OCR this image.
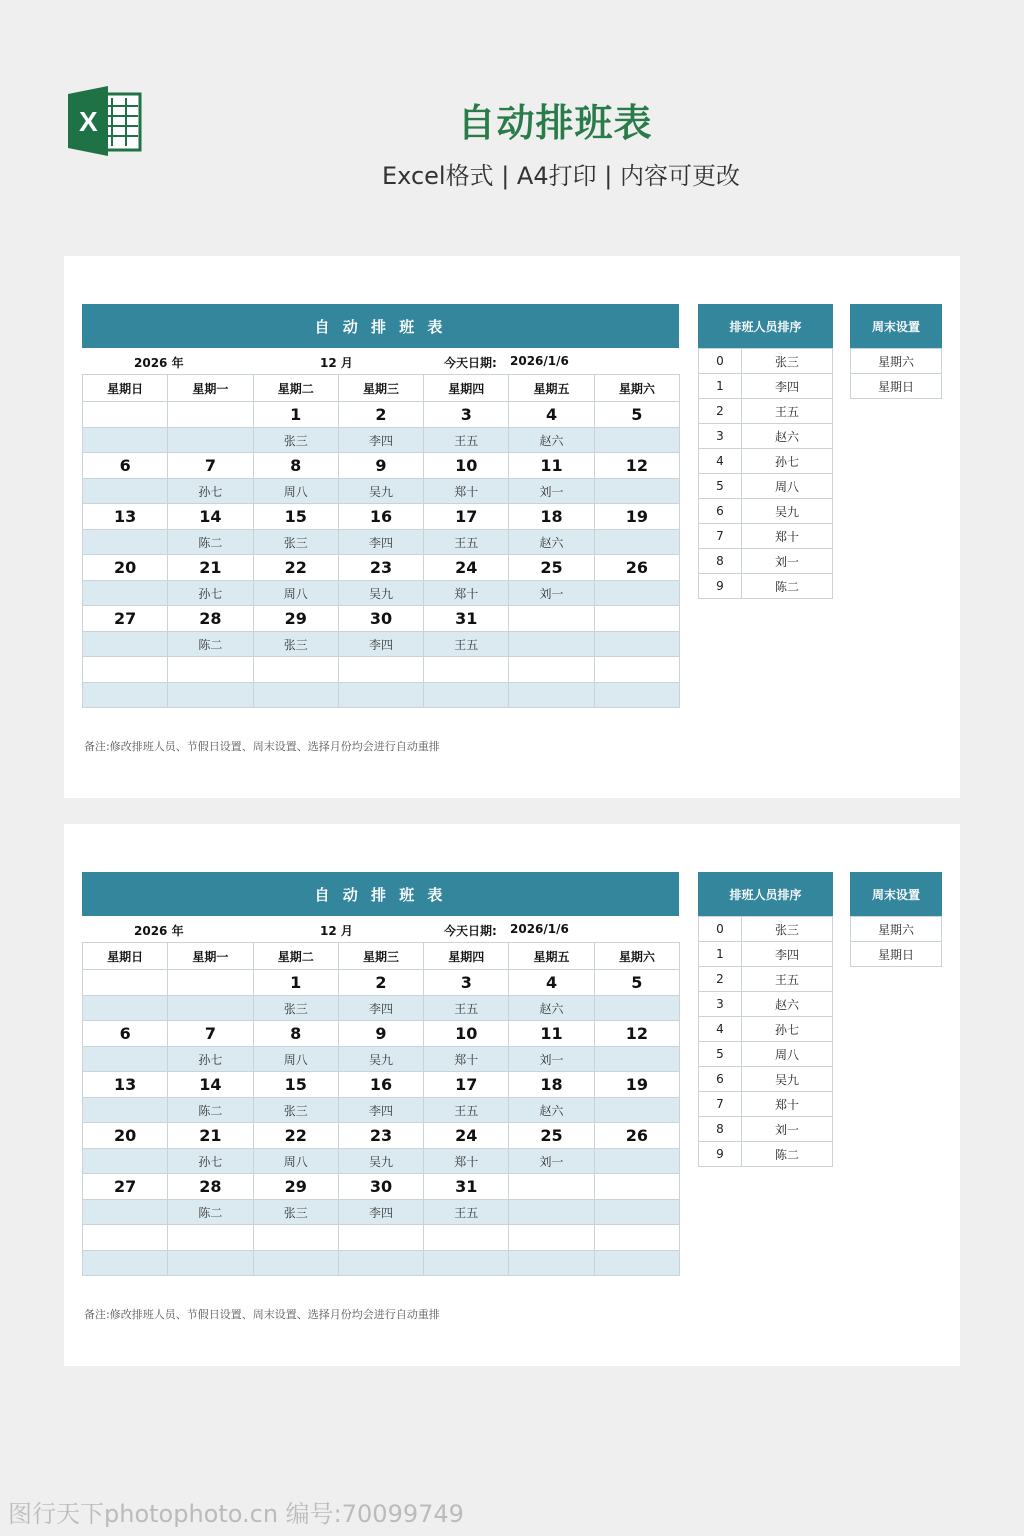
X	自动排班表
Excel格式 | A4打印 | 内容可更改
自 动 排 班 表
2026 年	12 月	今天日期: 2026/1/6
星期日	星期一	星期二	星期三	星期四	星期五	星期六
		1	2	3	4	5
		张三	李四	王五	赵六	
6	7	8	9	10	11	12
	孙七	周八	吴九	郑十	刘一	
13	14	15	16	17	18	19
	陈二	张三	李四	王五	赵六	
20	21	22	23	24	25	26
	孙七	周八	吴九	郑十	刘一	
27	28	29	30	31		
	陈二	张三	李四	王五		

备注:修改排班人员、节假日设置、周末设置、选择月份均会进行自动重排
排班人员排序
0	张三
1	李四
2	王五
3	赵六
4	孙七
5	周八
6	吴九
7	郑十
8	刘一
9	陈二
周末设置
星期六
星期日
自 动 排 班 表
2026 年	12 月	今天日期: 2026/1/6
星期日	星期一	星期二	星期三	星期四	星期五	星期六
		1	2	3	4	5
		张三	李四	王五	赵六	
6	7	8	9	10	11	12
	孙七	周八	吴九	郑十	刘一	
13	14	15	16	17	18	19
	陈二	张三	李四	王五	赵六	
20	21	22	23	24	25	26
	孙七	周八	吴九	郑十	刘一	
27	28	29	30	31		
	陈二	张三	李四	王五		

备注:修改排班人员、节假日设置、周末设置、选择月份均会进行自动重排
排班人员排序
0	张三
1	李四
2	王五
3	赵六
4	孙七
5	周八
6	吴九
7	郑十
8	刘一
9	陈二
周末设置
星期六
星期日
图行天下photophoto.cn 编号:70099749
